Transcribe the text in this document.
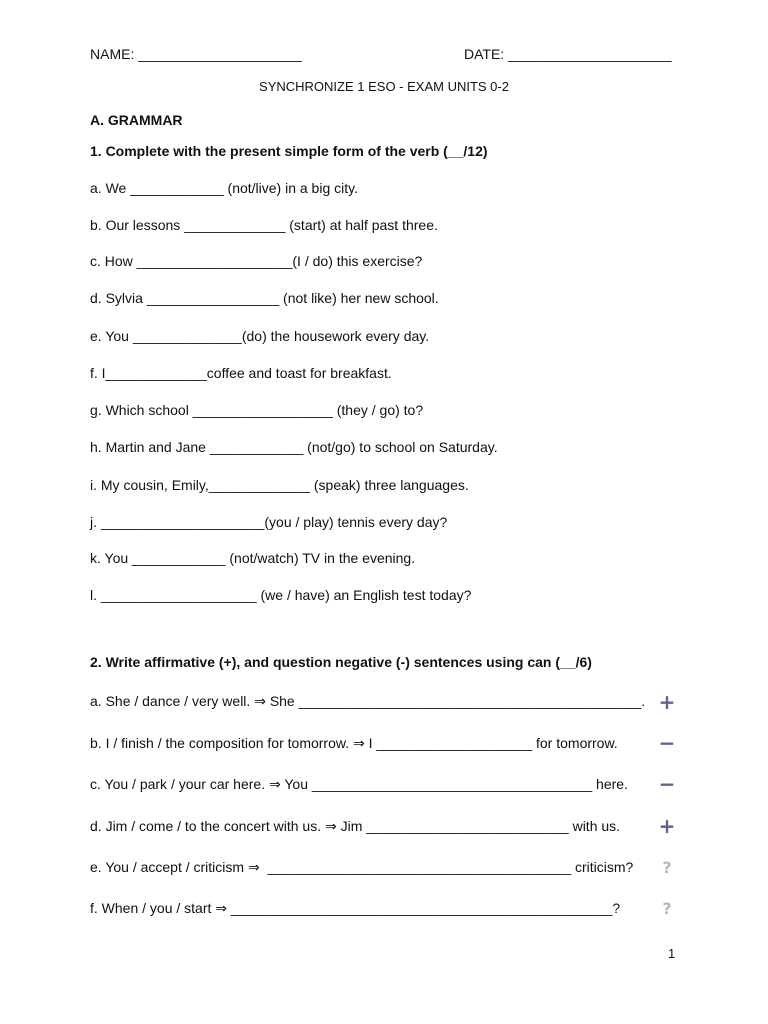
NAME: _____________________	DATE: _____________________
SYNCHRONIZE 1 ESO - EXAM UNITS 0-2
A. GRAMMAR
1. Complete with the present simple form of the verb (__/12)
a. We ____________ (not/live) in a big city.
b. Our lessons _____________ (start) at half past three.
c. How ____________________(I / do) this exercise?
d. Sylvia _________________ (not like) her new school.
e. You ______________(do) the housework every day.
f. I_____________coffee and toast for breakfast.
g. Which school __________________ (they / go) to?
h. Martin and Jane ____________ (not/go) to school on Saturday.
i. My cousin, Emily,_____________ (speak) three languages.
j. _____________________(you / play) tennis every day?
k. You ____________ (not/watch) TV in the evening.
l. ____________________ (we / have) an English test today?
2. Write affirmative (+), and question negative (-) sentences using can (__/6)
a. She / dance / very well. ⇒ She ____________________________________________. +
b. I / finish / the composition for tomorrow. ⇒ I ____________________ for tomorrow. −
c. You / park / your car here. ⇒ You ____________________________________ here. −
d. Jim / come / to the concert with us. ⇒ Jim __________________________ with us. +
e. You / accept / criticism ⇒  _______________________________________ criticism? ?
f. When / you / start ⇒ _________________________________________________?	?
1
